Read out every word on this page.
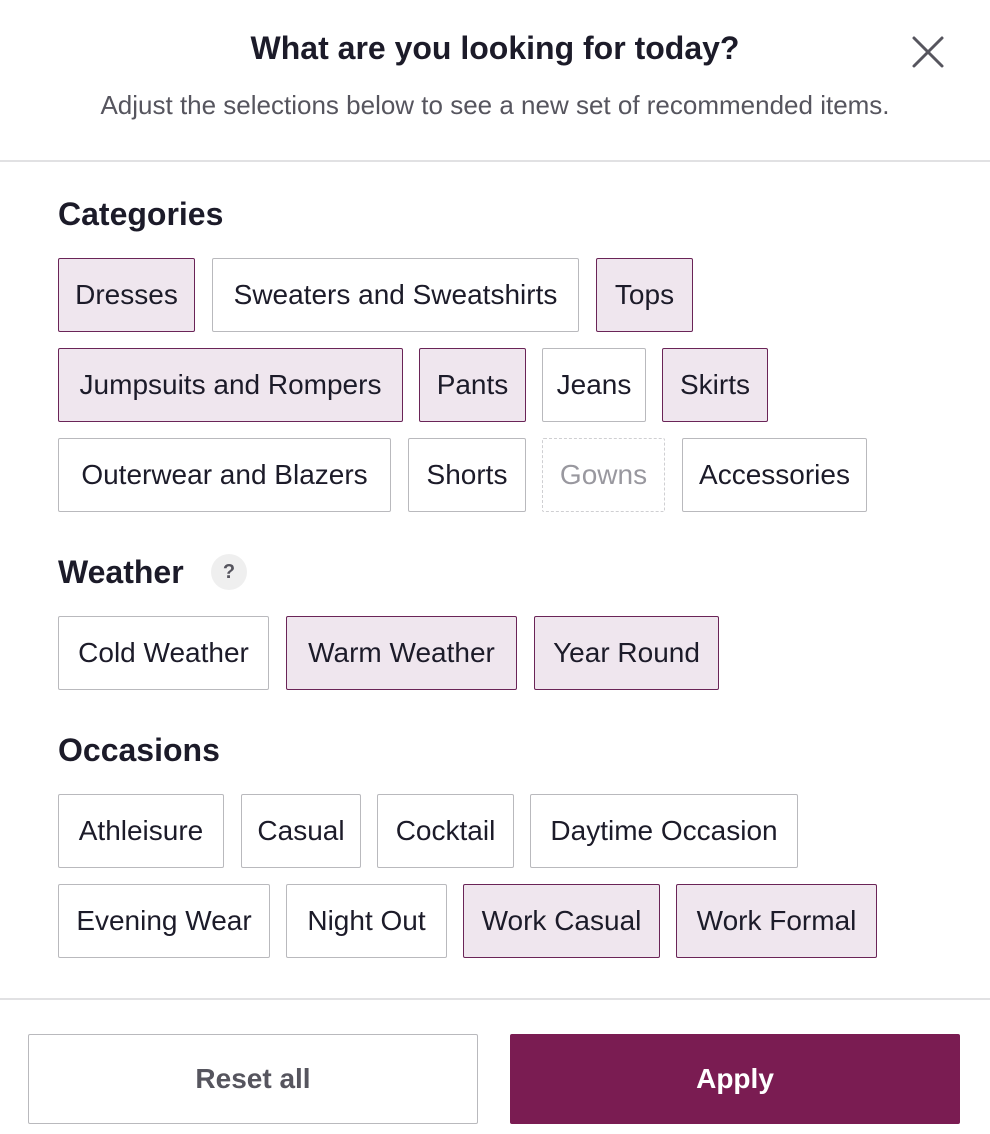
What are you looking for today?
Adjust the selections below to see a new set of recommended items.
Categories
Dresses Sweaters and Sweatshirts Tops
Jumpsuits and Rompers Pants Jeans Skirts
Outerwear and Blazers Shorts Gowns Accessories
Weather	?
Cold Weather Warm Weather Year Round
Occasions
Athleisure Casual Cocktail Daytime Occasion
Evening Wear Night Out Work Casual Work Formal
Reset all	Apply
